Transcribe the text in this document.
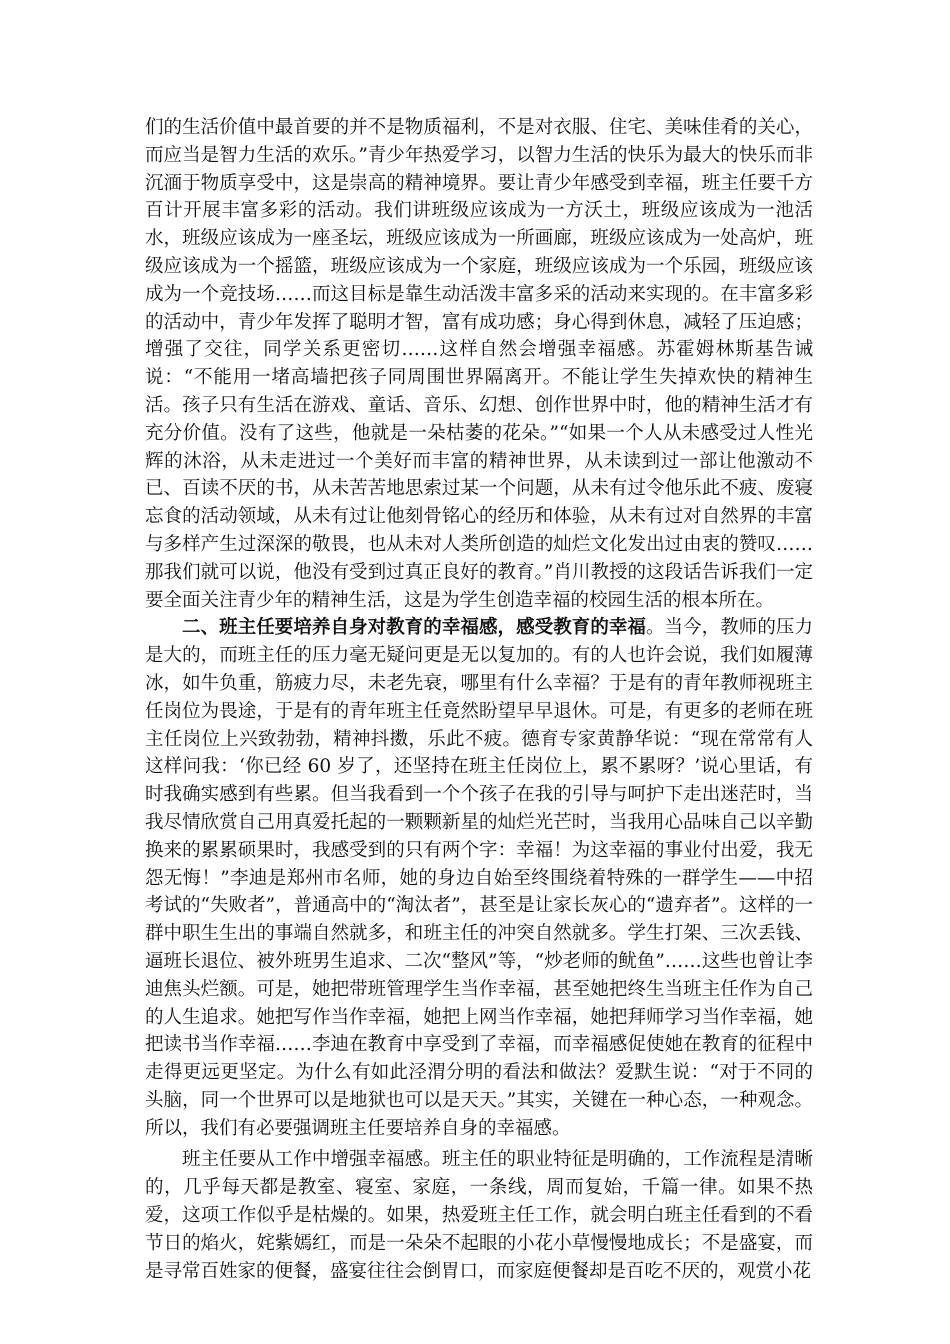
们的生活价值中最首要的并不是物质福利，不是对衣服、住宅、美味佳肴的关心，而应当是智力生活的欢乐。”青少年热爱学习，以智力生活的快乐为最大的快乐而非沉湎于物质享受中，这是崇高的精神境界。要让青少年感受到幸福，班主任要千方百计开展丰富多彩的活动。我们讲班级应该成为一方沃土，班级应该成为一池活水，班级应该成为一座圣坛，班级应该成为一所画廊，班级应该成为一处高炉，班级应该成为一个摇篮，班级应该成为一个家庭，班级应该成为一个乐园，班级应该成为一个竞技场……而这目标是靠生动活泼丰富多采的活动来实现的。在丰富多彩的活动中，青少年发挥了聪明才智，富有成功感；身心得到休息，减轻了压迫感；增强了交往，同学关系更密切……这样自然会增强幸福感。苏霍姆林斯基告诫说：“不能用一堵高墙把孩子同周围世界隔离开。不能让学生失掉欢快的精神生活。孩子只有生活在游戏、童话、音乐、幻想、创作世界中时，他的精神生活才有充分价值。没有了这些，他就是一朵枯萎的花朵。”“如果一个人从未感受过人性光辉的沐浴，从未走进过一个美好而丰富的精神世界，从未读到过一部让他激动不已、百读不厌的书，从未苦苦地思索过某一个问题，从未有过令他乐此不疲、废寝忘食的活动领域，从未有过让他刻骨铭心的经历和体验，从未有过对自然界的丰富与多样产生过深深的敬畏，也从未对人类所创造的灿烂文化发出过由衷的赞叹……那我们就可以说，他没有受到过真正良好的教育。”肖川教授的这段话告诉我们一定要全面关注青少年的精神生活，这是为学生创造幸福的校园生活的根本所在。

二、班主任要培养自身对教育的幸福感，感受教育的幸福。当今，教师的压力是大的，而班主任的压力毫无疑问更是无以复加的。有的人也许会说，我们如履薄冰，如牛负重，筋疲力尽，未老先衰，哪里有什么幸福？于是有的青年教师视班主任岗位为畏途，于是有的青年班主任竟然盼望早早退休。可是，有更多的老师在班主任岗位上兴致勃勃，精神抖擞，乐此不疲。德育专家黄静华说：“现在常常有人这样问我：‘你已经 60 岁了，还坚持在班主任岗位上，累不累呀？’说心里话，有时我确实感到有些累。但当我看到一个个孩子在我的引导与呵护下走出迷茫时，当我尽情欣赏自己用真爱托起的一颗颗新星的灿烂光芒时，当我用心品味自己以辛勤换来的累累硕果时，我感受到的只有两个字：幸福！为这幸福的事业付出爱，我无怨无悔！”李迪是郑州市名师，她的身边自始至终围绕着特殊的一群学生——中招考试的“失败者”，普通高中的“淘汰者”，甚至是让家长灰心的“遗弃者”。这样的一群中职生生出的事端自然就多，和班主任的冲突自然就多。学生打架、三次丢钱、逼班长退位、被外班男生追求、二次“整风”等，“炒老师的鱿鱼”……这些也曾让李迪焦头烂额。可是，她把带班管理学生当作幸福，甚至她把终生当班主任作为自己的人生追求。她把写作当作幸福，她把上网当作幸福，她把拜师学习当作幸福，她把读书当作幸福……李迪在教育中享受到了幸福，而幸福感促使她在教育的征程中走得更远更坚定。为什么有如此泾渭分明的看法和做法？爱默生说：“对于不同的头脑，同一个世界可以是地狱也可以是天天。”其实，关键在一种心态，一种观念。所以，我们有必要强调班主任要培养自身的幸福感。

班主任要从工作中增强幸福感。班主任的职业特征是明确的，工作流程是清晰的，几乎每天都是教室、寝室、家庭，一条线，周而复始，千篇一律。如果不热爱，这项工作似乎是枯燥的。如果，热爱班主任工作，就会明白班主任看到的不看节日的焰火，姹紫嫣红，而是一朵朵不起眼的小花小草慢慢地成长；不是盛宴，而是寻常百姓家的便餐，盛宴往往会倒胃口，而家庭便餐却是百吃不厌的，观赏小花
